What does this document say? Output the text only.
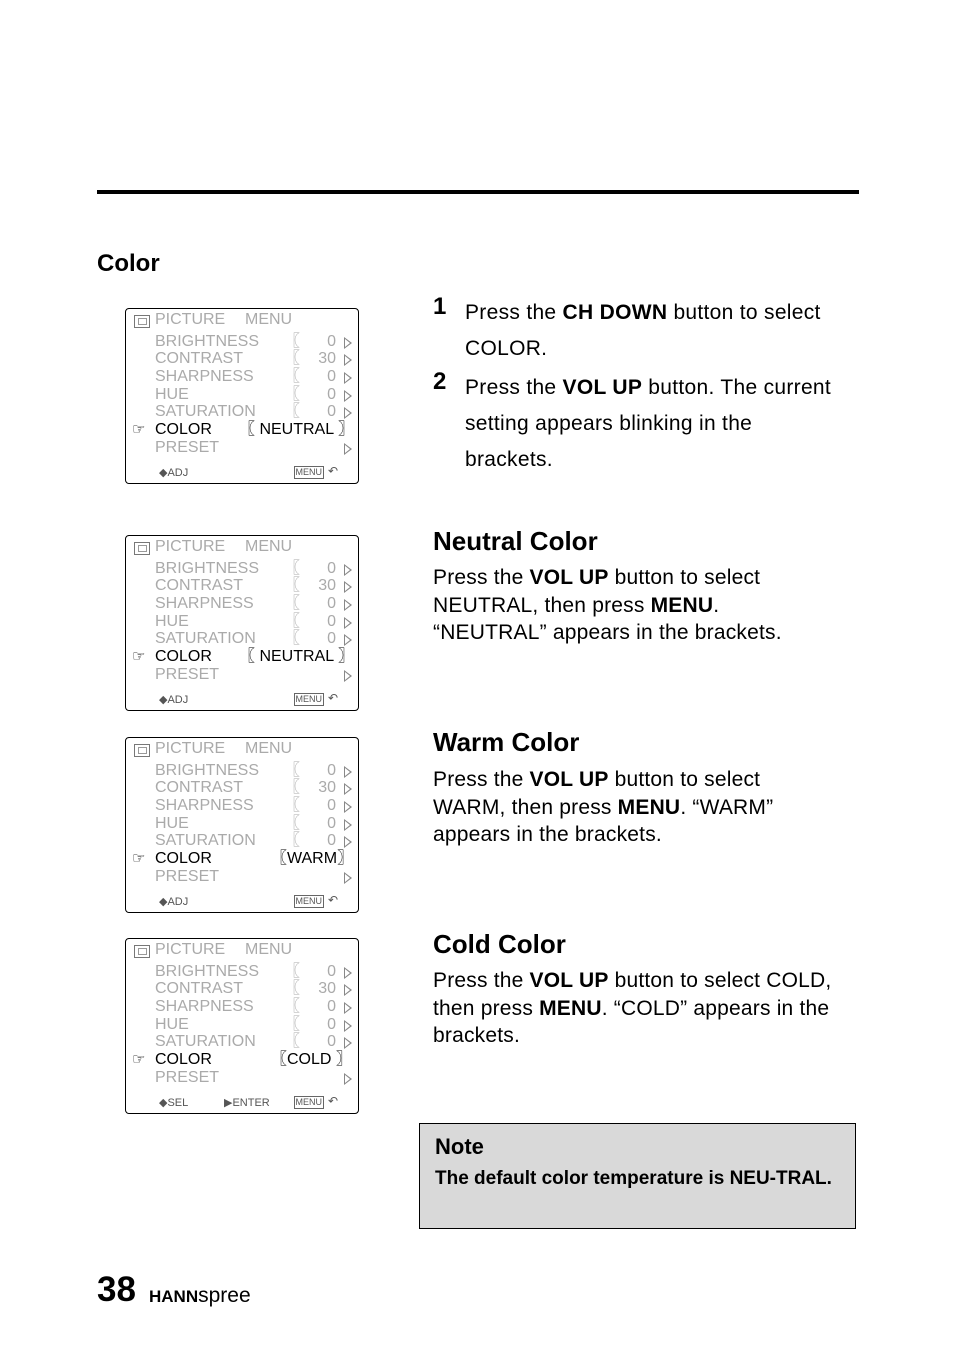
Color
PICTURE MENU
BRIGHTNESS 〖 0
CONTRAST	〖 30
SHARPNESS 〖 0
HUE	〖 0
SATURATION 〖 0
☞ COLOR 〖 NEUTRAL 〗
PRESET
◆ADJ	MENU ↶
PICTURE MENU
BRIGHTNESS 〖 0
CONTRAST	〖 30
SHARPNESS 〖 0
HUE	〖 0
SATURATION 〖 0
☞ COLOR 〖 NEUTRAL 〗
PRESET
◆ADJ	MENU ↶
PICTURE MENU
BRIGHTNESS 〖 0
CONTRAST	〖 30
SHARPNESS 〖 0
HUE	〖 0
SATURATION 〖 0
☞ COLOR	〖WARM〗
PRESET
◆ADJ	MENU ↶
PICTURE MENU
BRIGHTNESS 〖 0
CONTRAST	〖 30
SHARPNESS 〖 0
HUE	〖 0
SATURATION 〖 0
☞ COLOR	〖COLD 〗
PRESET
◆SEL	▶ENTER	MENU ↶
1 Press the CH DOWN button to select COLOR.
2 Press the VOL UP button. The current setting appears blinking in the brackets.
Neutral Color
Press the VOL UP button to select NEUTRAL, then press MENU. “NEUTRAL” appears in the brackets.
Warm Color
Press the VOL UP button to select WARM, then press MENU. “WARM” appears in the brackets.
Cold Color
Press the VOL UP button to select COLD, then press MENU. “COLD” appears in the brackets.
Note
The default color temperature is NEU-TRAL.
38 HANNspree
